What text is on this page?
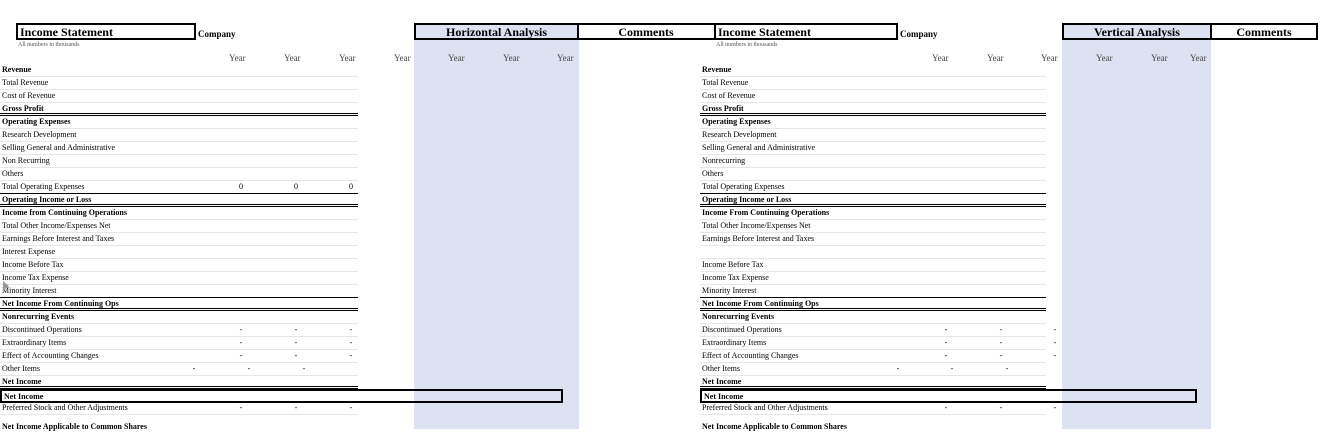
Income Statement	Company	Horizontal Analysis	Comments
All numbers in thousands
Year	Year	Year	Year	Year	Year	Year
Revenue
Total Revenue
Cost of Revenue
Gross Profit
Operating Expenses
Research Development
Selling General and Administrative
Non Recurring
Others
Total Operating Expenses	0	0	0
Operating Income or Loss
Income from Continuing Operations
Total Other Income/Expenses Net
Earnings Before Interest and Taxes
Interest Expense
Income Before Tax
Income Tax Expense
Minority Interest
Net Income From Continuing Ops
Nonrecurring Events
Discontinued Operations	-	-	-
Extraordinary Items	-	-	-
Effect of Accounting Changes	-	-	-
Other Items	-	-	-
Net Income
Net Income
Preferred Stock and Other Adjustments	-	-	-
Net Income Applicable to Common Shares
Income Statement	Company	Vertical Analysis	Comments
All numbers in thousands
Year	Year	Year	Year	Year Year
Revenue
Total Revenue
Cost of Revenue
Gross Profit
Operating Expenses
Research Development
Selling General and Administrative
Nonrecurring
Others
Total Operating Expenses
Operating Income or Loss
Income From Continuing Operations
Total Other Income/Expenses Net
Earnings Before Interest and Taxes
Income Before Tax
Income Tax Expense
Minority Interest
Net Income From Continuing Ops
Nonrecurring Events
Discontinued Operations	-	-	-
Extraordinary Items	-	-	-
Effect of Accounting Changes	-	-	-
Other Items	-	-	-
Net Income
Net Income
Preferred Stock and Other Adjustments	-	-	-
Net Income Applicable to Common Shares
